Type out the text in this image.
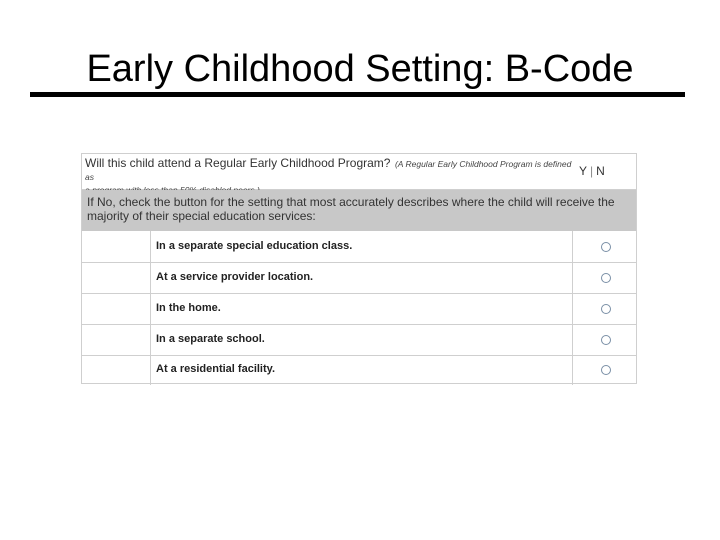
Early Childhood Setting: B-Code
Will this child attend a Regular Early Childhood Program? (A Regular Early Childhood Program is defined as	Y | N
If No, check the button for the setting that most accurately describes where the child will receive the majority of their special education services:
In a separate special education class.
At a service provider location.
In the home.
In a separate school.
At a residential facility.
